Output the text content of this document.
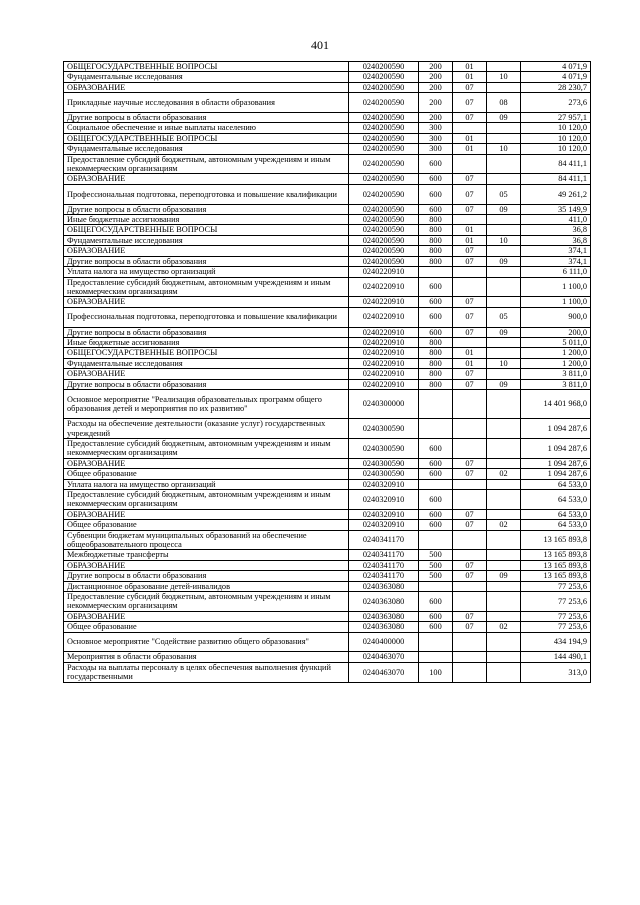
401
ОБЩЕГОСУДАРСТВЕННЫЕ ВОПРОСЫ	0240200590	200	01		4 071,9
Фундаментальные исследования	0240200590	200	01	10	4 071,9
ОБРАЗОВАНИЕ	0240200590	200	07		28 230,7
Прикладные научные исследования в области образования	0240200590	200	07	08	273,6
Другие вопросы в области образования	0240200590	200	07	09	27 957,1
Социальное обеспечение и иные выплаты населению	0240200590	300			10 120,0
ОБЩЕГОСУДАРСТВЕННЫЕ ВОПРОСЫ	0240200590	300	01		10 120,0
Фундаментальные исследования	0240200590	300	01	10	10 120,0
Предоставление субсидий бюджетным, автономным учреждениям и иным некоммерческим организациям	0240200590	600			84 411,1
ОБРАЗОВАНИЕ	0240200590	600	07		84 411,1
Профессиональная подготовка, переподготовка и повышение квалификации	0240200590	600	07	05	49 261,2
Другие вопросы в области образования	0240200590	600	07	09	35 149,9
Иные бюджетные ассигнования	0240200590	800			411,0
ОБЩЕГОСУДАРСТВЕННЫЕ ВОПРОСЫ	0240200590	800	01		36,8
Фундаментальные исследования	0240200590	800	01	10	36,8
ОБРАЗОВАНИЕ	0240200590	800	07		374,1
Другие вопросы в области образования	0240200590	800	07	09	374,1
Уплата налога на имущество организаций	0240220910				6 111,0
Предоставление субсидий бюджетным, автономным учреждениям и иным некоммерческим организациям	0240220910	600			1 100,0
ОБРАЗОВАНИЕ	0240220910	600	07		1 100,0
Профессиональная подготовка, переподготовка и повышение квалификации	0240220910	600	07	05	900,0
Другие вопросы в области образования	0240220910	600	07	09	200,0
Иные бюджетные ассигнования	0240220910	800			5 011,0
ОБЩЕГОСУДАРСТВЕННЫЕ ВОПРОСЫ	0240220910	800	01		1 200,0
Фундаментальные исследования	0240220910	800	01	10	1 200,0
ОБРАЗОВАНИЕ	0240220910	800	07		3 811,0
Другие вопросы в области образования	0240220910	800	07	09	3 811,0
Основное мероприятие "Реализация образовательных программ общего образования детей и мероприятия по их развитию"	0240300000				14 401 968,0
Расходы на обеспечение деятельности (оказание услуг) государственных учреждений	0240300590				1 094 287,6
Предоставление субсидий бюджетным, автономным учреждениям и иным некоммерческим организациям	0240300590	600			1 094 287,6
ОБРАЗОВАНИЕ	0240300590	600	07		1 094 287,6
Общее образование	0240300590	600	07	02	1 094 287,6
Уплата налога на имущество организаций	0240320910				64 533,0
Предоставление субсидий бюджетным, автономным учреждениям и иным некоммерческим организациям	0240320910	600			64 533,0
ОБРАЗОВАНИЕ	0240320910	600	07		64 533,0
Общее образование	0240320910	600	07	02	64 533,0
Субвенции бюджетам муниципальных образований на обеспечение общеобразовательного процесса	0240341170				13 165 893,8
Межбюджетные трансферты	0240341170	500			13 165 893,8
ОБРАЗОВАНИЕ	0240341170	500	07		13 165 893,8
Другие вопросы в области образования	0240341170	500	07	09	13 165 893,8
Дистанционное образование детей-инвалидов	0240363080				77 253,6
Предоставление субсидий бюджетным, автономным учреждениям и иным некоммерческим организациям	0240363080	600			77 253,6
ОБРАЗОВАНИЕ	0240363080	600	07		77 253,6
Общее образование	0240363080	600	07	02	77 253,6
Основное мероприятие "Содействие развитию общего образования"	0240400000				434 194,9
Мероприятия в области образования	0240463070				144 490,1
Расходы на выплаты персоналу в целях обеспечения выполнения функций государственными	0240463070	100			313,0
